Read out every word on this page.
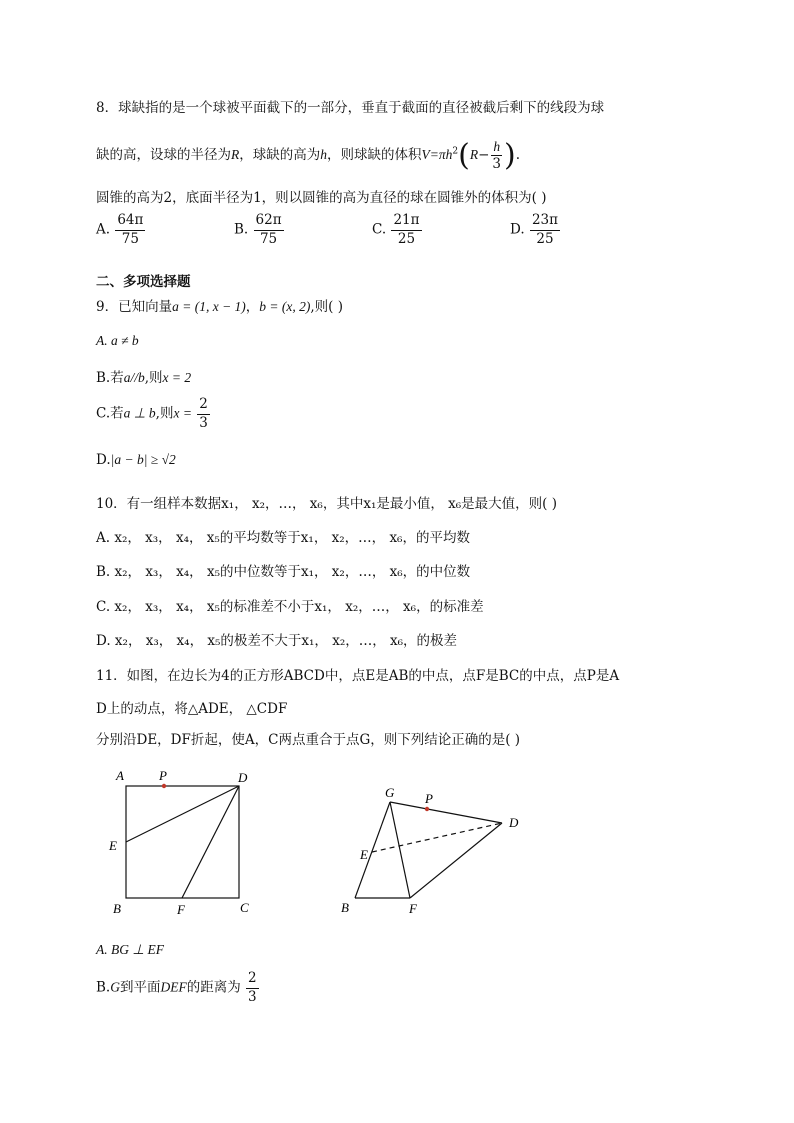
8．球缺指的是一个球被平面截下的一部分，垂直于截面的直径被截后剩下的线段为球
缺的高，设球的半径为R，球缺的高为h，则球缺的体积$V=\pi h^2(R- \frac{h}{3}$ ).
圆锥的高为2，底面半径为1，则以圆锥的高为直径的球在圆锥外的体积为( )
A. $\frac{64\pi}{75}$	B. $\frac{62\pi}{75}$	C. $\frac{21\pi}{25}$	D. $\frac{23\pi}{25}$
二、多项选择题
9．已知向量a = (1, x − 1)，b = (x, 2),则( )
A. a ≠ b
B.若a//b,则x = 2
C.若a ⊥ b,则$x = \frac{2}{3}$
D.|a − b| ≥ √2
10．有一组样本数据x₁， x₂，…， x₆，其中x₁是最小值， x₆是最大值，则( )
A. x₂， x₃， x₄， x₅的平均数等于x₁， x₂，…， x₆，的平均数
B. x₂， x₃， x₄， x₅的中位数等于x₁， x₂，…， x₆，的中位数
C. x₂， x₃， x₄， x₅的标准差不小于x₁， x₂，…， x₆，的标准差
D. x₂， x₃， x₄， x₅的极差不大于x₁， x₂，…， x₆，的极差
11．如图，在边长为4的正方形ABCD中，点E是AB的中点，点F是BC的中点，点P是A
D上的动点，将△ADE， △CDF
分别沿DE，DF折起，使A，C两点重合于点G，则下列结论正确的是( )
A	P	D
E
B	F	C
G P
D
E
B	F
A. BG ⊥ EF
B.G到平面DEF的距离为 $\frac{2}{3}$
